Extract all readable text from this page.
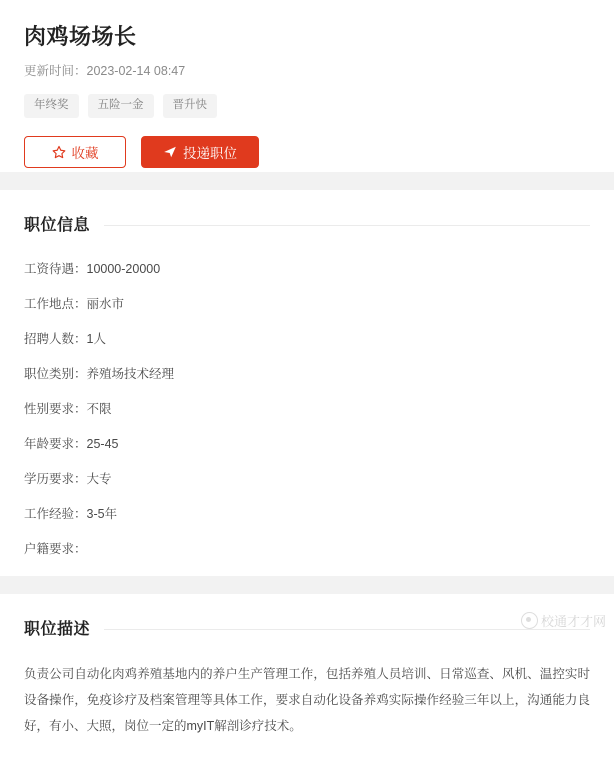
肉鸡场场长
更新时间：2023-02-14 08:47
年终奖	五险一金	晋升快
收藏	投递职位
职位信息
工资待遇：10000-20000
工作地点：丽水市
招聘人数：1人
职位类别：养殖场技术经理
性别要求：不限
年龄要求：25-45
学历要求：大专
工作经验：3-5年
户籍要求：
职位描述
负责公司自动化肉鸡养殖基地内的养户生产管理工作，包括养殖人员培训、日常巡查、风机、温控实时设备操作，免疫诊疗及档案管理等具体工作，要求自动化设备养鸡实际操作经验三年以上，沟通能力良好，有小、大照，岗位一定的myIT解剖诊疗技术。
校通才才网
